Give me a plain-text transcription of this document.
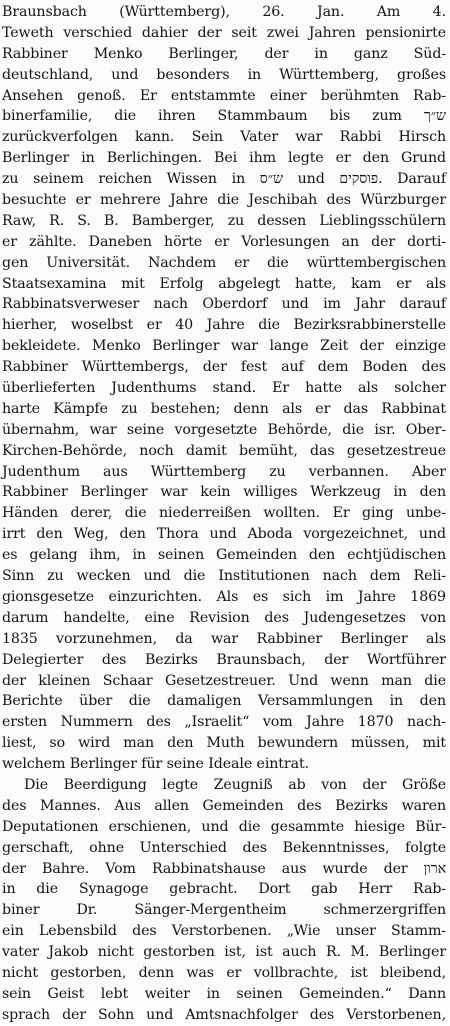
Braunsbach (Württemberg), 26. Jan. Am 4.
Teweth verschied dahier der seit zwei Jahren pensionirte
Rabbiner Menko Berlinger, der in ganz Süd-
deutschland, und besonders in Württemberg, großes
Ansehen genoß. Er entstammte einer berühmten Rab-
binerfamilie, die ihren Stammbaum bis zum ש״ך
zurückverfolgen kann. Sein Vater war Rabbi Hirsch
Berlinger in Berlichingen. Bei ihm legte er den Grund
zu seinem reichen Wissen in ש״ס und פוסקים. Darauf
besuchte er mehrere Jahre die Jeschibah des Würzburger
Raw, R. S. B. Bamberger, zu dessen Lieblingsschülern
er zählte. Daneben hörte er Vorlesungen an der dorti-
gen Universität. Nachdem er die württembergischen
Staatsexamina mit Erfolg abgelegt hatte, kam er als
Rabbinatsverweser nach Oberdorf und im Jahr darauf
hierher, woselbst er 40 Jahre die Bezirksrabbinerstelle
bekleidete. Menko Berlinger war lange Zeit der einzige
Rabbiner Württembergs, der fest auf dem Boden des
überlieferten Judenthums stand. Er hatte als solcher
harte Kämpfe zu bestehen; denn als er das Rabbinat
übernahm, war seine vorgesetzte Behörde, die isr. Ober-
Kirchen-Behörde, noch damit bemüht, das gesetzestreue
Judenthum aus Württemberg zu verbannen. Aber
Rabbiner Berlinger war kein williges Werkzeug in den
Händen derer, die niederreißen wollten. Er ging unbe-
irrt den Weg, den Thora und Aboda vorgezeichnet, und
es gelang ihm, in seinen Gemeinden den echtjüdischen
Sinn zu wecken und die Institutionen nach dem Reli-
gionsgesetze einzurichten. Als es sich im Jahre 1869
darum handelte, eine Revision des Judengesetzes von
1835 vorzunehmen, da war Rabbiner Berlinger als
Delegierter des Bezirks Braunsbach, der Wortführer
der kleinen Schaar Gesetzestreuer. Und wenn man die
Berichte über die damaligen Versammlungen in den
ersten Nummern des „Israelit“ vom Jahre 1870 nach-
liest, so wird man den Muth bewundern müssen, mit
welchem Berlinger für seine Ideale eintrat.
Die Beerdigung legte Zeugniß ab von der Größe
des Mannes. Aus allen Gemeinden des Bezirks waren
Deputationen erschienen, und die gesammte hiesige Bür-
gerschaft, ohne Unterschied des Bekenntnisses, folgte
der Bahre. Vom Rabbinatshause aus wurde der ארון
in die Synagoge gebracht. Dort gab Herr Rab-
biner Dr. Sänger-Mergentheim schmerzergriffen
ein Lebensbild des Verstorbenen. „Wie unser Stamm-
vater Jakob nicht gestorben ist, ist auch R. M. Berlinger
nicht gestorben, denn was er vollbrachte, ist bleibend,
sein Geist lebt weiter in seinen Gemeinden.“ Dann
sprach der Sohn und Amtsnachfolger des Verstorbenen,
